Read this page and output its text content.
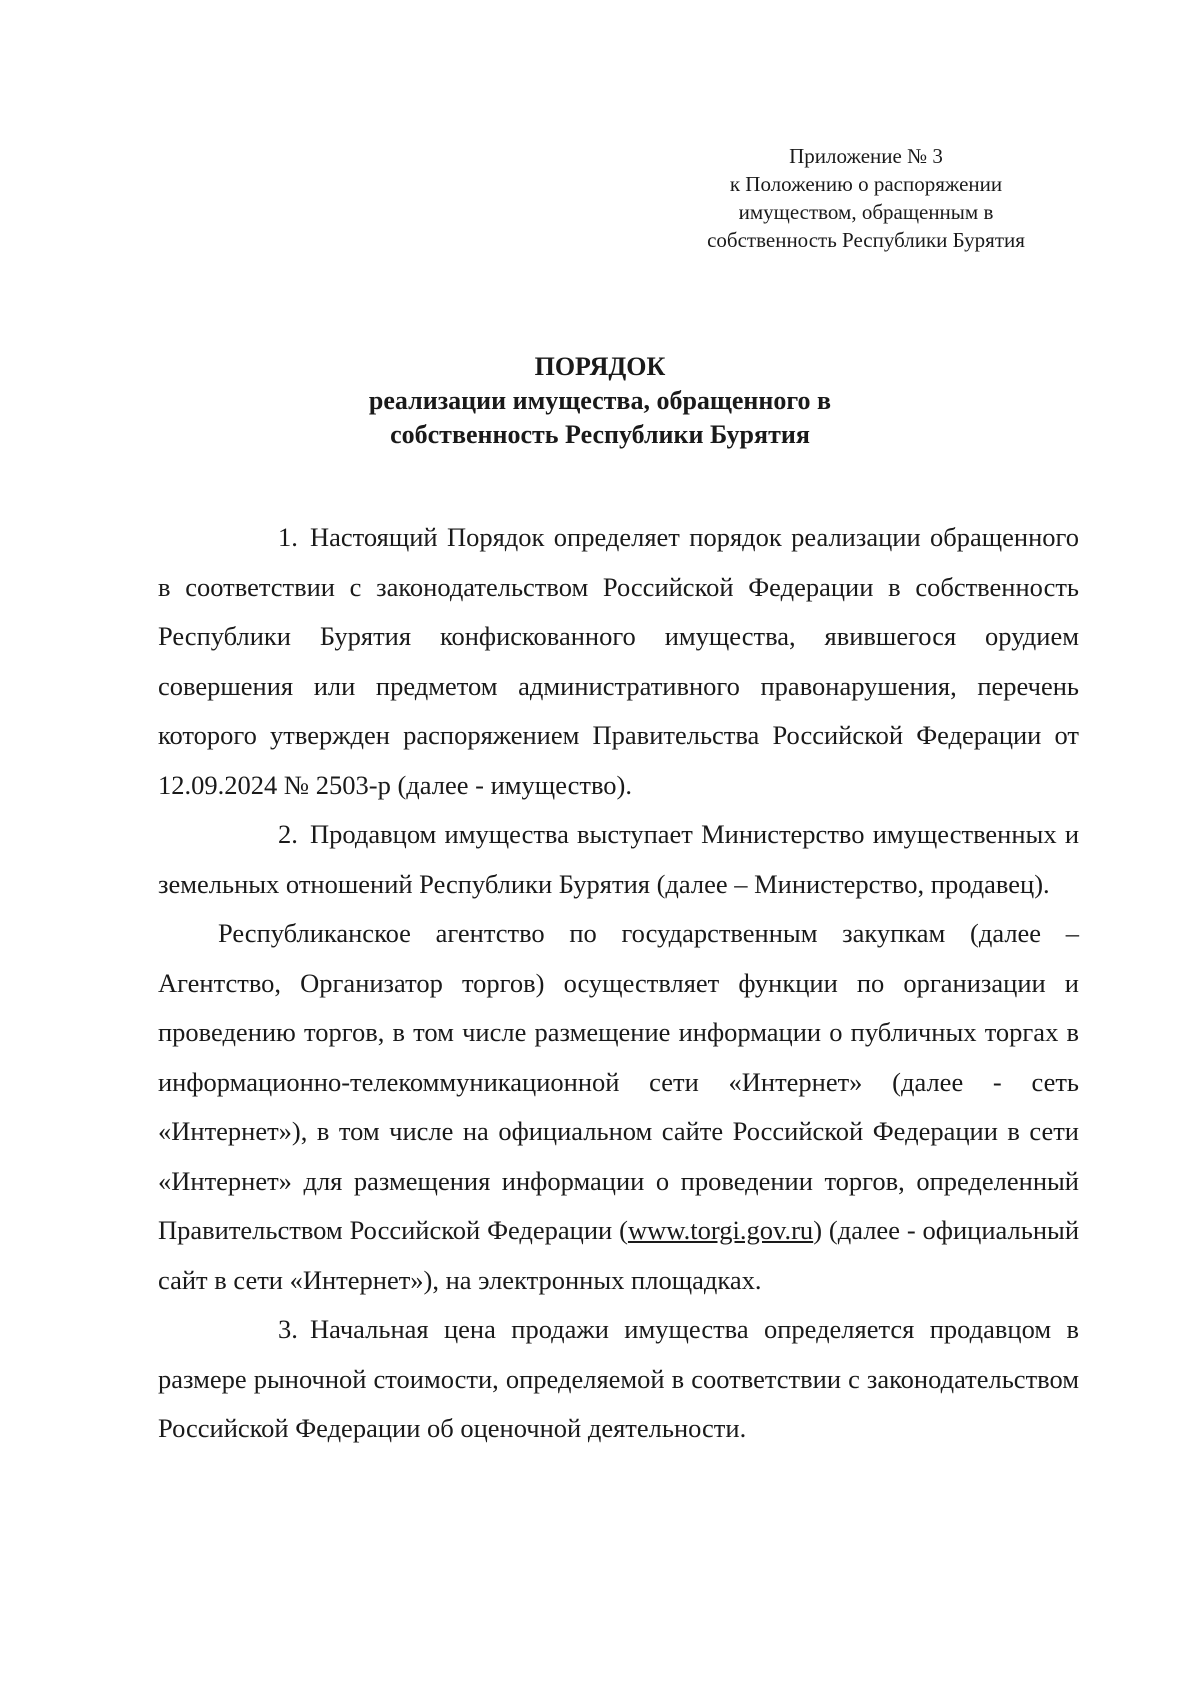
Приложение № 3
к Положению о распоряжении
имуществом, обращенным в
собственность Республики Бурятия
ПОРЯДОК
реализации имущества, обращенного в
собственность Республики Бурятия

1. Настоящий Порядок определяет порядок реализации обращенного в соответствии с законодательством Российской Федерации в собственность Республики Бурятия конфискованного имущества, явившегося орудием совершения или предметом административного правонарушения, перечень которого утвержден распоряжением Правительства Российской Федерации от 12.09.2024 № 2503-р (далее - имущество).

2. Продавцом имущества выступает Министерство имущественных и земельных отношений Республики Бурятия (далее – Министерство, продавец).

Республиканское агентство по государственным закупкам (далее – Агентство, Организатор торгов) осуществляет функции по организации и проведению торгов, в том числе размещение информации о публичных торгах в информационно-телекоммуникационной сети «Интернет» (далее - сеть «Интернет»), в том числе на официальном сайте Российской Федерации в сети «Интернет» для размещения информации о проведении торгов, определенный Правительством Российской Федерации (www.torgi.gov.ru) (далее - официальный сайт в сети «Интернет»), на электронных площадках.

3. Начальная цена продажи имущества определяется продавцом в размере рыночной стоимости, определяемой в соответствии с законодательством Российской Федерации об оценочной деятельности.
